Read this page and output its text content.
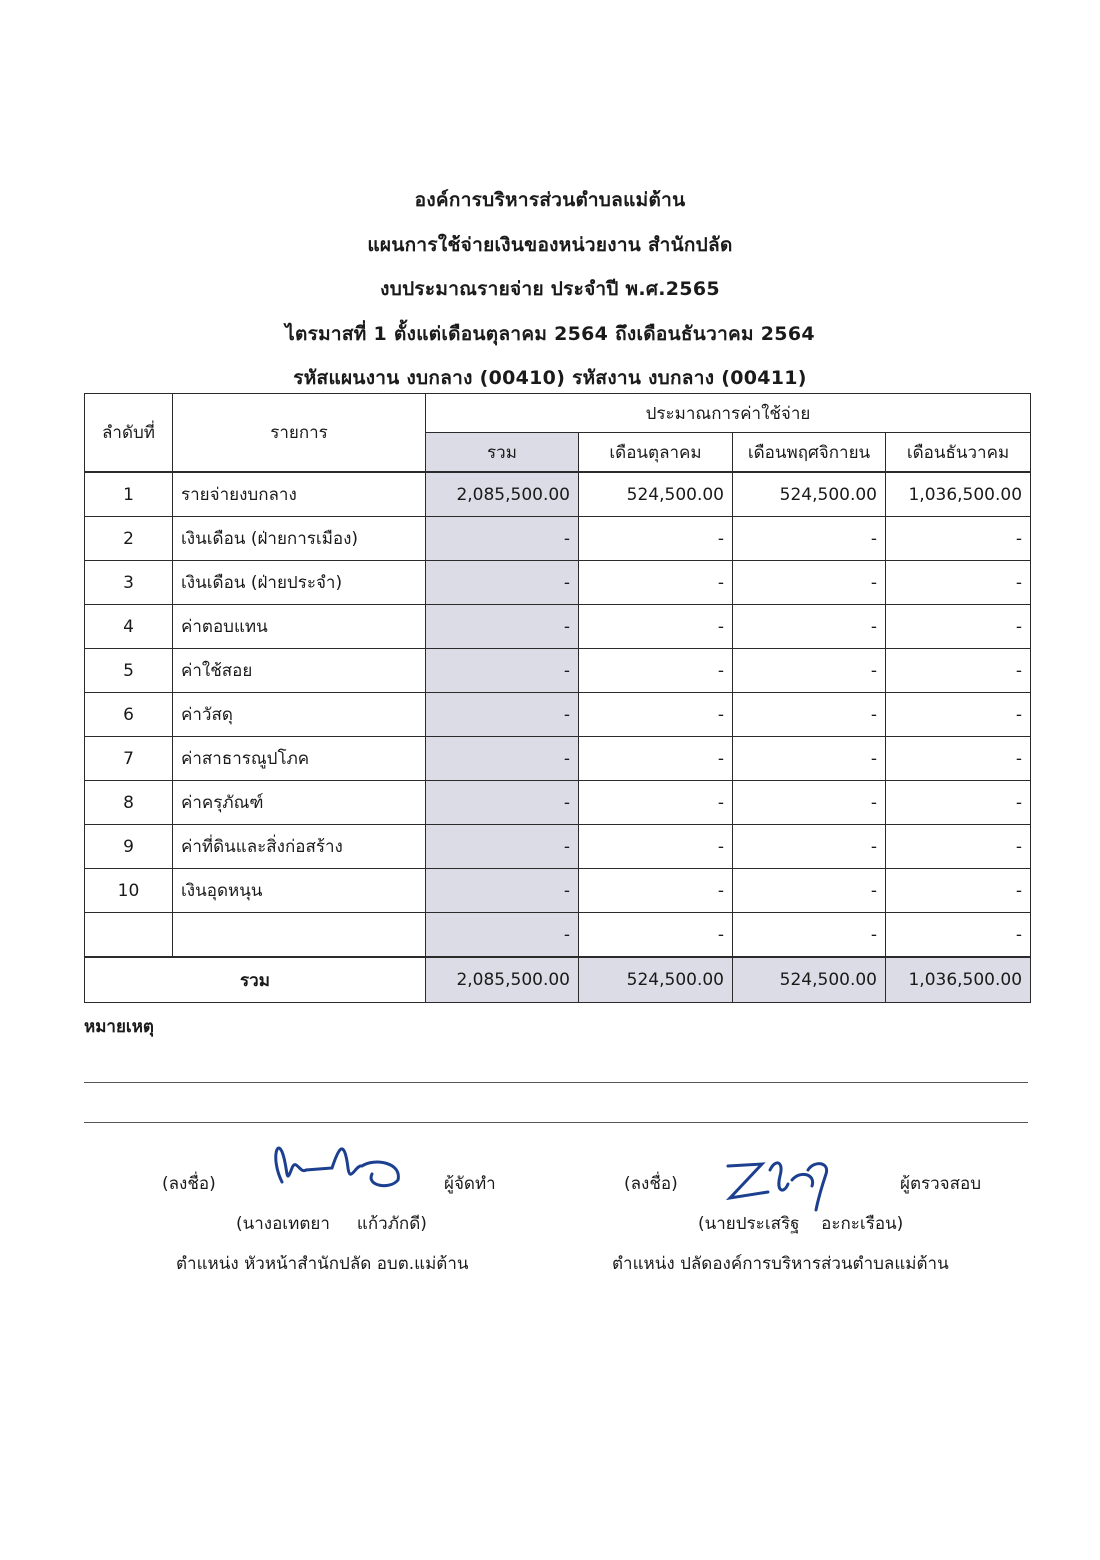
องค์การบริหารส่วนตำบลแม่ต้าน
แผนการใช้จ่ายเงินของหน่วยงาน สำนักปลัด
งบประมาณรายจ่าย ประจำปี พ.ศ.2565
ไตรมาสที่ 1 ตั้งแต่เดือนตุลาคม 2564 ถึงเดือนธันวาคม 2564
รหัสแผนงาน งบกลาง (00410) รหัสงาน งบกลาง (00411)
ลำดับที่	รายการ	ประมาณการค่าใช้จ่าย			
		รวม	เดือนตุลาคม	เดือนพฤศจิกายน	เดือนธันวาคม
1	รายจ่ายงบกลาง	2,085,500.00	524,500.00	524,500.00	1,036,500.00
2	เงินเดือน (ฝ่ายการเมือง)	-	-	-	-
3	เงินเดือน (ฝ่ายประจำ)	-	-	-	-
4	ค่าตอบแทน	-	-	-	-
5	ค่าใช้สอย	-	-	-	-
6	ค่าวัสดุ	-	-	-	-
7	ค่าสาธารณูปโภค	-	-	-	-
8	ค่าครุภัณฑ์	-	-	-	-
9	ค่าที่ดินและสิ่งก่อสร้าง	-	-	-	-
10	เงินอุดหนุน	-	-	-	-
		-	-	-	-
รวม		2,085,500.00	524,500.00	524,500.00	1,036,500.00
หมายเหตุ
(ลงชื่อ)	ผู้จัดทำ
(นางอเทตยา     แก้วภักดี)
ตำแหน่ง หัวหน้าสำนักปลัด อบต.แม่ต้าน
(ลงชื่อ)	ผู้ตรวจสอบ
(นายประเสริฐ    อะกะเรือน)
ตำแหน่ง ปลัดองค์การบริหารส่วนตำบลแม่ต้าน
